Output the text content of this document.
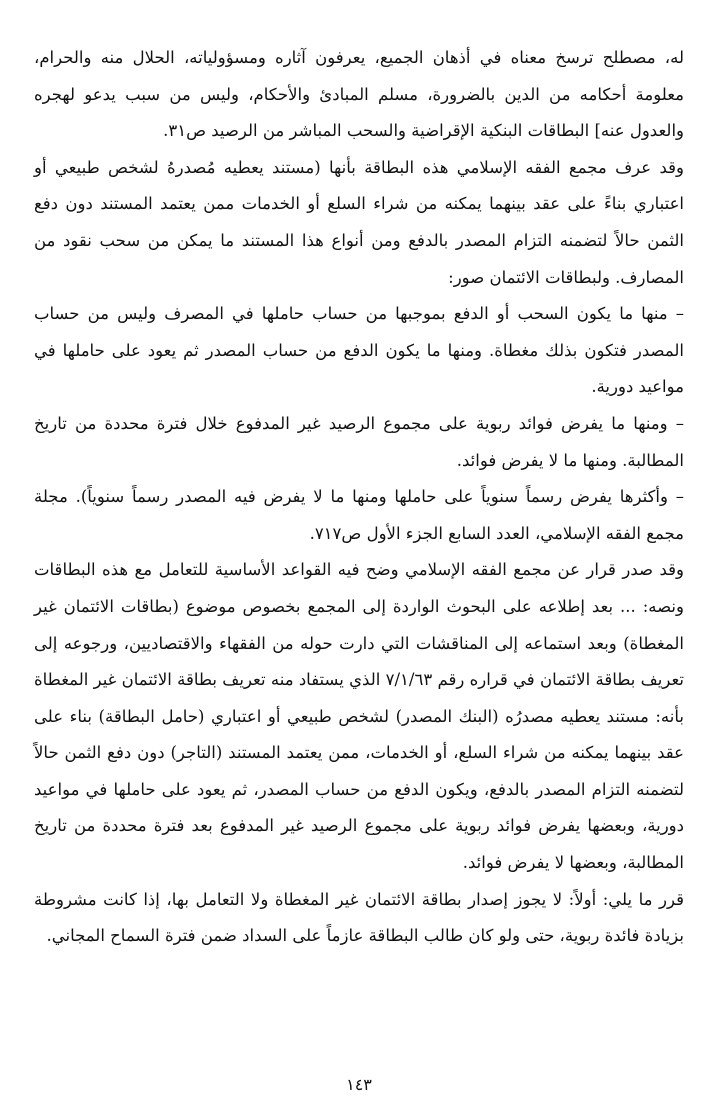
له، مصطلح ترسخ معناه في أذهان الجميع، يعرفون آثاره ومسؤولياته، الحلال منه والحرام، معلومة أحكامه من الدين بالضرورة، مسلم المبادئ والأحكام، وليس من سبب يدعو لهجره والعدول عنه] البطاقات البنكية الإقراضية والسحب المباشر من الرصيد ص٣١.

وقد عرف مجمع الفقه الإسلامي هذه البطاقة بأنها (مستند يعطيه مُصدرهُ لشخص طبيعي أو اعتباري بناءً على عقد بينهما يمكنه من شراء السلع أو الخدمات ممن يعتمد المستند دون دفع الثمن حالاً لتضمنه التزام المصدر بالدفع ومن أنواع هذا المستند ما يمكن من سحب نقود من المصارف. ولبطاقات الائتمان صور:

– منها ما يكون السحب أو الدفع بموجبها من حساب حاملها في المصرف وليس من حساب المصدر فتكون بذلك مغطاة. ومنها ما يكون الدفع من حساب المصدر ثم يعود على حاملها في مواعيد دورية.

– ومنها ما يفرض فوائد ربوية على مجموع الرصيد غير المدفوع خلال فترة محددة من تاريخ المطالبة. ومنها ما لا يفرض فوائد.

– وأكثرها يفرض رسماً سنوياً على حاملها ومنها ما لا يفرض فيه المصدر رسماً سنوياً). مجلة مجمع الفقه الإسلامي، العدد السابع الجزء الأول ص٧١٧.

وقد صدر قرار عن مجمع الفقه الإسلامي وضح فيه القواعد الأساسية للتعامل مع هذه البطاقات ونصه: ... بعد إطلاعه على البحوث الواردة إلى المجمع بخصوص موضوع (بطاقات الائتمان غير المغطاة) وبعد استماعه إلى المناقشات التي دارت حوله من الفقهاء والاقتصاديين، ورجوعه إلى تعريف بطاقة الائتمان في قراره رقم ٧/١/٦٣ الذي يستفاد منه تعريف بطاقة الائتمان غير المغطاة بأنه: مستند يعطيه مصدرُه (البنك المصدر) لشخص طبيعي أو اعتباري (حامل البطاقة) بناء على عقد بينهما يمكنه من شراء السلع، أو الخدمات، ممن يعتمد المستند (التاجر) دون دفع الثمن حالاً لتضمنه التزام المصدر بالدفع، ويكون الدفع من حساب المصدر، ثم يعود على حاملها في مواعيد دورية، وبعضها يفرض فوائد ربوية على مجموع الرصيد غير المدفوع بعد فترة محددة من تاريخ المطالبة، وبعضها لا يفرض فوائد.

قرر ما يلي: أولاً: لا يجوز إصدار بطاقة الائتمان غير المغطاة ولا التعامل بها، إذا كانت مشروطة بزيادة فائدة ربوية، حتى ولو كان طالب البطاقة عازماً على السداد ضمن فترة السماح المجاني.

١٤٣
